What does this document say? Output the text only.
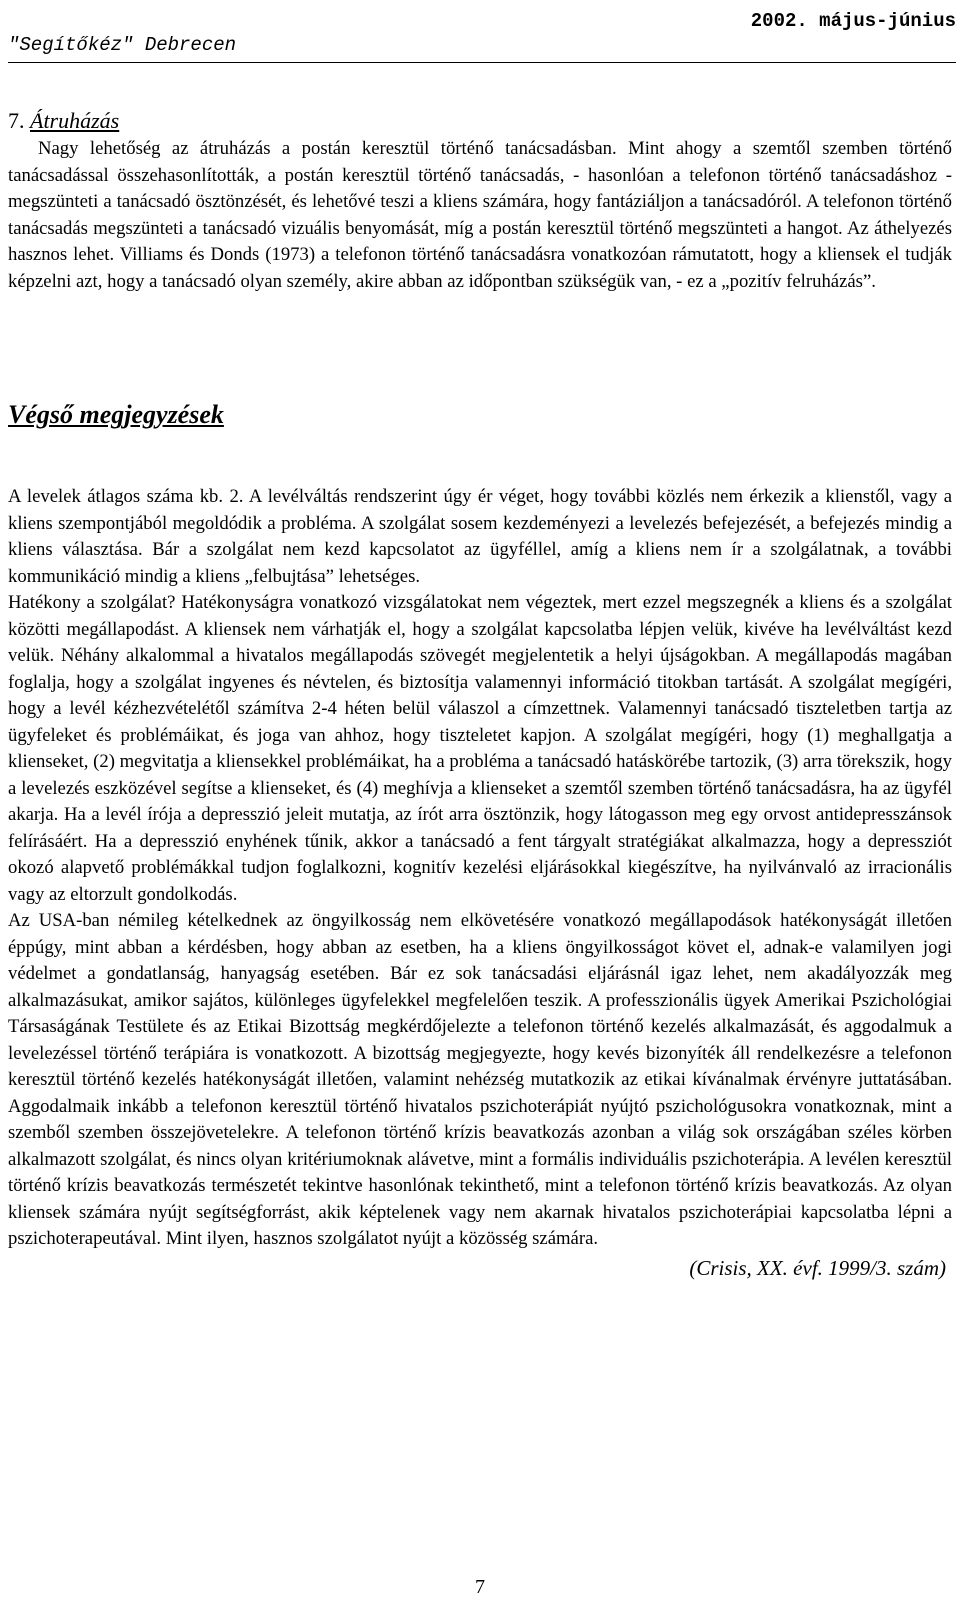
"Segítőkéz" Debrecen
2002. május-június
7. Átruházás

Nagy lehetőség az átruházás a postán keresztül történő tanácsadásban. Mint ahogy a szemtől szemben történő tanácsadással összehasonlították, a postán keresztül történő tanácsadás, - hasonlóan a telefonon történő tanácsadáshoz - megszünteti a tanácsadó ösztönzését, és lehetővé teszi a kliens számára, hogy fantáziáljon a tanácsadóról. A telefonon történő tanácsadás megszünteti a tanácsadó vizuális benyomását, míg a postán keresztül történő megszünteti a hangot. Az áthelyezés hasznos lehet. Villiams és Donds (1973) a telefonon történő tanácsadásra vonatkozóan rámutatott, hogy a kliensek el tudják képzelni azt, hogy a tanácsadó olyan személy, akire abban az időpontban szükségük van, - ez a „pozitív felruházás”.

Végső megjegyzések

A levelek átlagos száma kb. 2. A levélváltás rendszerint úgy ér véget, hogy további közlés nem érkezik a klienstől, vagy a kliens szempontjából megoldódik a probléma. A szolgálat sosem kezdeményezi a levelezés befejezését, a befejezés mindig a kliens választása. Bár a szolgálat nem kezd kapcsolatot az ügyféllel, amíg a kliens nem ír a szolgálatnak, a további kommunikáció mindig a kliens „felbujtása” lehetséges.

Hatékony a szolgálat? Hatékonyságra vonatkozó vizsgálatokat nem végeztek, mert ezzel megszegnék a kliens és a szolgálat közötti megállapodást. A kliensek nem várhatják el, hogy a szolgálat kapcsolatba lépjen velük, kivéve ha levélváltást kezd velük. Néhány alkalommal a hivatalos megállapodás szövegét megjelentetik a helyi újságokban. A megállapodás magában foglalja, hogy a szolgálat ingyenes és névtelen, és biztosítja valamennyi információ titokban tartását. A szolgálat megígéri, hogy a levél kézhezvételétől számítva 2-4 héten belül válaszol a címzettnek. Valamennyi tanácsadó tiszteletben tartja az ügyfeleket és problémáikat, és joga van ahhoz, hogy tiszteletet kapjon. A szolgálat megígéri, hogy (1) meghallgatja a klienseket, (2) megvitatja a kliensekkel problémáikat, ha a probléma a tanácsadó hatáskörébe tartozik, (3) arra törekszik, hogy a levelezés eszközével segítse a klienseket, és (4) meghívja a klienseket a szemtől szemben történő tanácsadásra, ha az ügyfél akarja. Ha a levél írója a depresszió jeleit mutatja, az írót arra ösztönzik, hogy látogasson meg egy orvost antidepresszánsok felírásáért. Ha a depresszió enyhének tűnik, akkor a tanácsadó a fent tárgyalt stratégiákat alkalmazza, hogy a depressziót okozó alapvető problémákkal tudjon foglalkozni, kognitív kezelési eljárásokkal kiegészítve, ha nyilvánvaló az irracionális vagy az eltorzult gondolkodás.

Az USA-ban némileg kételkednek az öngyilkosság nem elkövetésére vonatkozó megállapodások hatékonyságát illetően éppúgy, mint abban a kérdésben, hogy abban az esetben, ha a kliens öngyilkosságot követ el, adnak-e valamilyen jogi védelmet a gondatlanság, hanyagság esetében. Bár ez sok tanácsadási eljárásnál igaz lehet, nem akadályozzák meg alkalmazásukat, amikor sajátos, különleges ügyfelekkel megfelelően teszik. A professzionális ügyek Amerikai Pszichológiai Társaságának Testülete és az Etikai Bizottság megkérdőjelezte a telefonon történő kezelés alkalmazását, és aggodalmuk a levelezéssel történő terápiára is vonatkozott. A bizottság megjegyezte, hogy kevés bizonyíték áll rendelkezésre a telefonon keresztül történő kezelés hatékonyságát illetően, valamint nehézség mutatkozik az etikai kívánalmak érvényre juttatásában. Aggodalmaik inkább a telefonon keresztül történő hivatalos pszichoterápiát nyújtó pszichológusokra vonatkoznak, mint a szemből szemben összejövetelekre. A telefonon történő krízis beavatkozás azonban a világ sok országában széles körben alkalmazott szolgálat, és nincs olyan kritériumoknak alávetve, mint a formális individuális pszichoterápia. A levélen keresztül történő krízis beavatkozás természetét tekintve hasonlónak tekinthető, mint a telefonon történő krízis beavatkozás. Az olyan kliensek számára nyújt segítségforrást, akik képtelenek vagy nem akarnak hivatalos pszichoterápiai kapcsolatba lépni a pszichoterapeutával. Mint ilyen, hasznos szolgálatot nyújt a közösség számára.

(Crisis, XX. évf. 1999/3. szám)

7
